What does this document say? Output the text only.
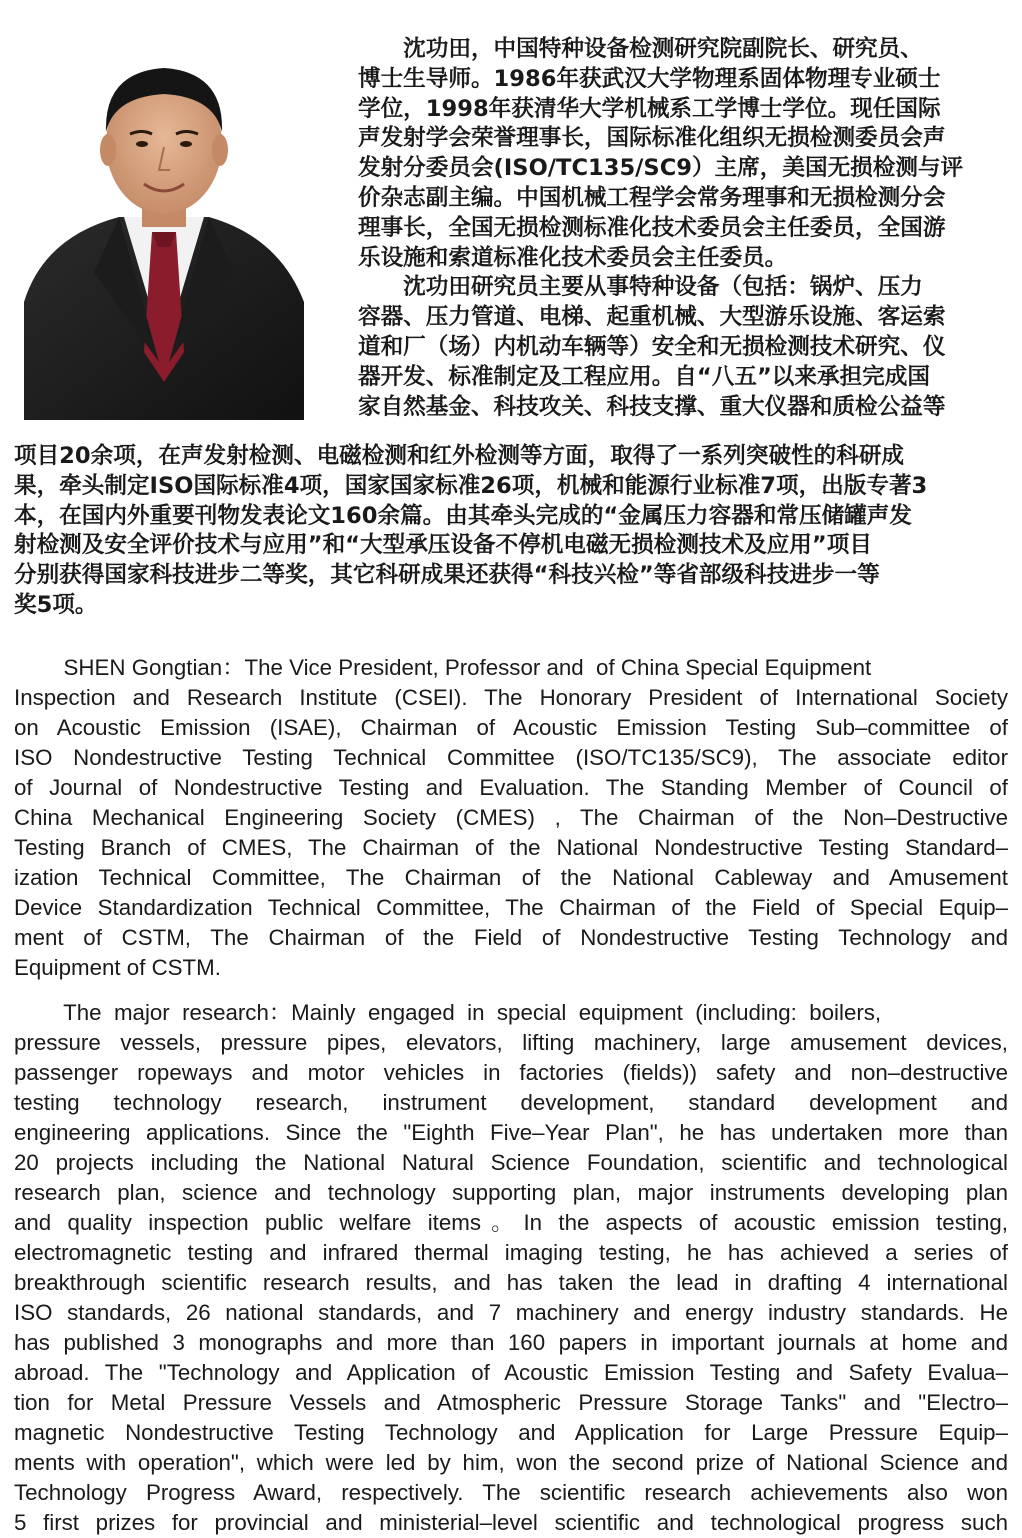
　　沈功田，中国特种设备检测研究院副院长、研究员、
博士生导师。1986年获武汉大学物理系固体物理专业硕士
学位，1998年获清华大学机械系工学博士学位。现任国际
声发射学会荣誉理事长，国际标准化组织无损检测委员会声
发射分委员会(ISO/TC135/SC9）主席，美国无损检测与评
价杂志副主编。中国机械工程学会常务理事和无损检测分会
理事长，全国无损检测标准化技术委员会主任委员，全国游
乐设施和索道标准化技术委员会主任委员。
　　沈功田研究员主要从事特种设备（包括：锅炉、压力
容器、压力管道、电梯、起重机械、大型游乐设施、客运索
道和厂（场）内机动车辆等）安全和无损检测技术研究、仪
器开发、标准制定及工程应用。自“八五”以来承担完成国
家自然基金、科技攻关、科技支撑、重大仪器和质检公益等
项目20余项，在声发射检测、电磁检测和红外检测等方面，取得了一系列突破性的科研成
果，牵头制定ISO国际标准4项，国家国家标准26项，机械和能源行业标准7项，出版专著3
本，在国内外重要刊物发表论文160余篇。由其牵头完成的“金属压力容器和常压储罐声发
射检测及安全评价技术与应用”和“大型承压设备不停机电磁无损检测技术及应用”项目
分别获得国家科技进步二等奖，其它科研成果还获得“科技兴检”等省部级科技进步一等
奖5项。
SHEN Gongtian：The Vice President, Professor and  of China Special Equipment
Inspection and Research Institute (CSEI). The Honorary President of International Society
on Acoustic Emission (ISAE), Chairman of Acoustic Emission Testing Sub–committee of
ISO Nondestructive Testing Technical Committee (ISO/TC135/SC9), The associate editor
of Journal of Nondestructive Testing and Evaluation. The Standing Member of Council of
China Mechanical Engineering Society (CMES) , The Chairman of the Non–Destructive
Testing Branch of CMES, The Chairman of the National Nondestructive Testing Standard–
ization Technical Committee, The Chairman of the National Cableway and Amusement
Device Standardization Technical Committee, The Chairman of the Field of Special Equip–
ment of CSTM, The Chairman of the Field of Nondestructive Testing Technology and
Equipment of CSTM.
The  major  research：Mainly  engaged  in  special  equipment  (including:  boilers,
pressure vessels, pressure pipes, elevators, lifting machinery, large amusement devices,
passenger ropeways and motor vehicles in factories (fields)) safety and non–destructive
testing technology research, instrument development, standard development and
engineering applications. Since the "Eighth Five–Year Plan", he has undertaken more than
20 projects including the National Natural Science Foundation, scientific and technological
research plan, science and technology supporting plan, major instruments developing plan
and quality inspection public welfare items。In the aspects of acoustic emission testing,
electromagnetic testing and infrared thermal imaging testing, he has achieved a series of
breakthrough scientific research results, and has taken the lead in drafting 4 international
ISO standards, 26 national standards, and 7 machinery and energy industry standards. He
has published 3 monographs and more than 160 papers in important journals at home and
abroad. The "Technology and Application of Acoustic Emission Testing and Safety Evalua–
tion for Metal Pressure Vessels and Atmospheric Pressure Storage Tanks" and "Electro–
magnetic Nondestructive Testing Technology and Application for Large Pressure Equip–
ments with operation", which were led by him, won the second prize of National Science and
Technology Progress Award, respectively. The scientific research achievements also won
5 first prizes for provincial and ministerial–level scientific and technological progress such
